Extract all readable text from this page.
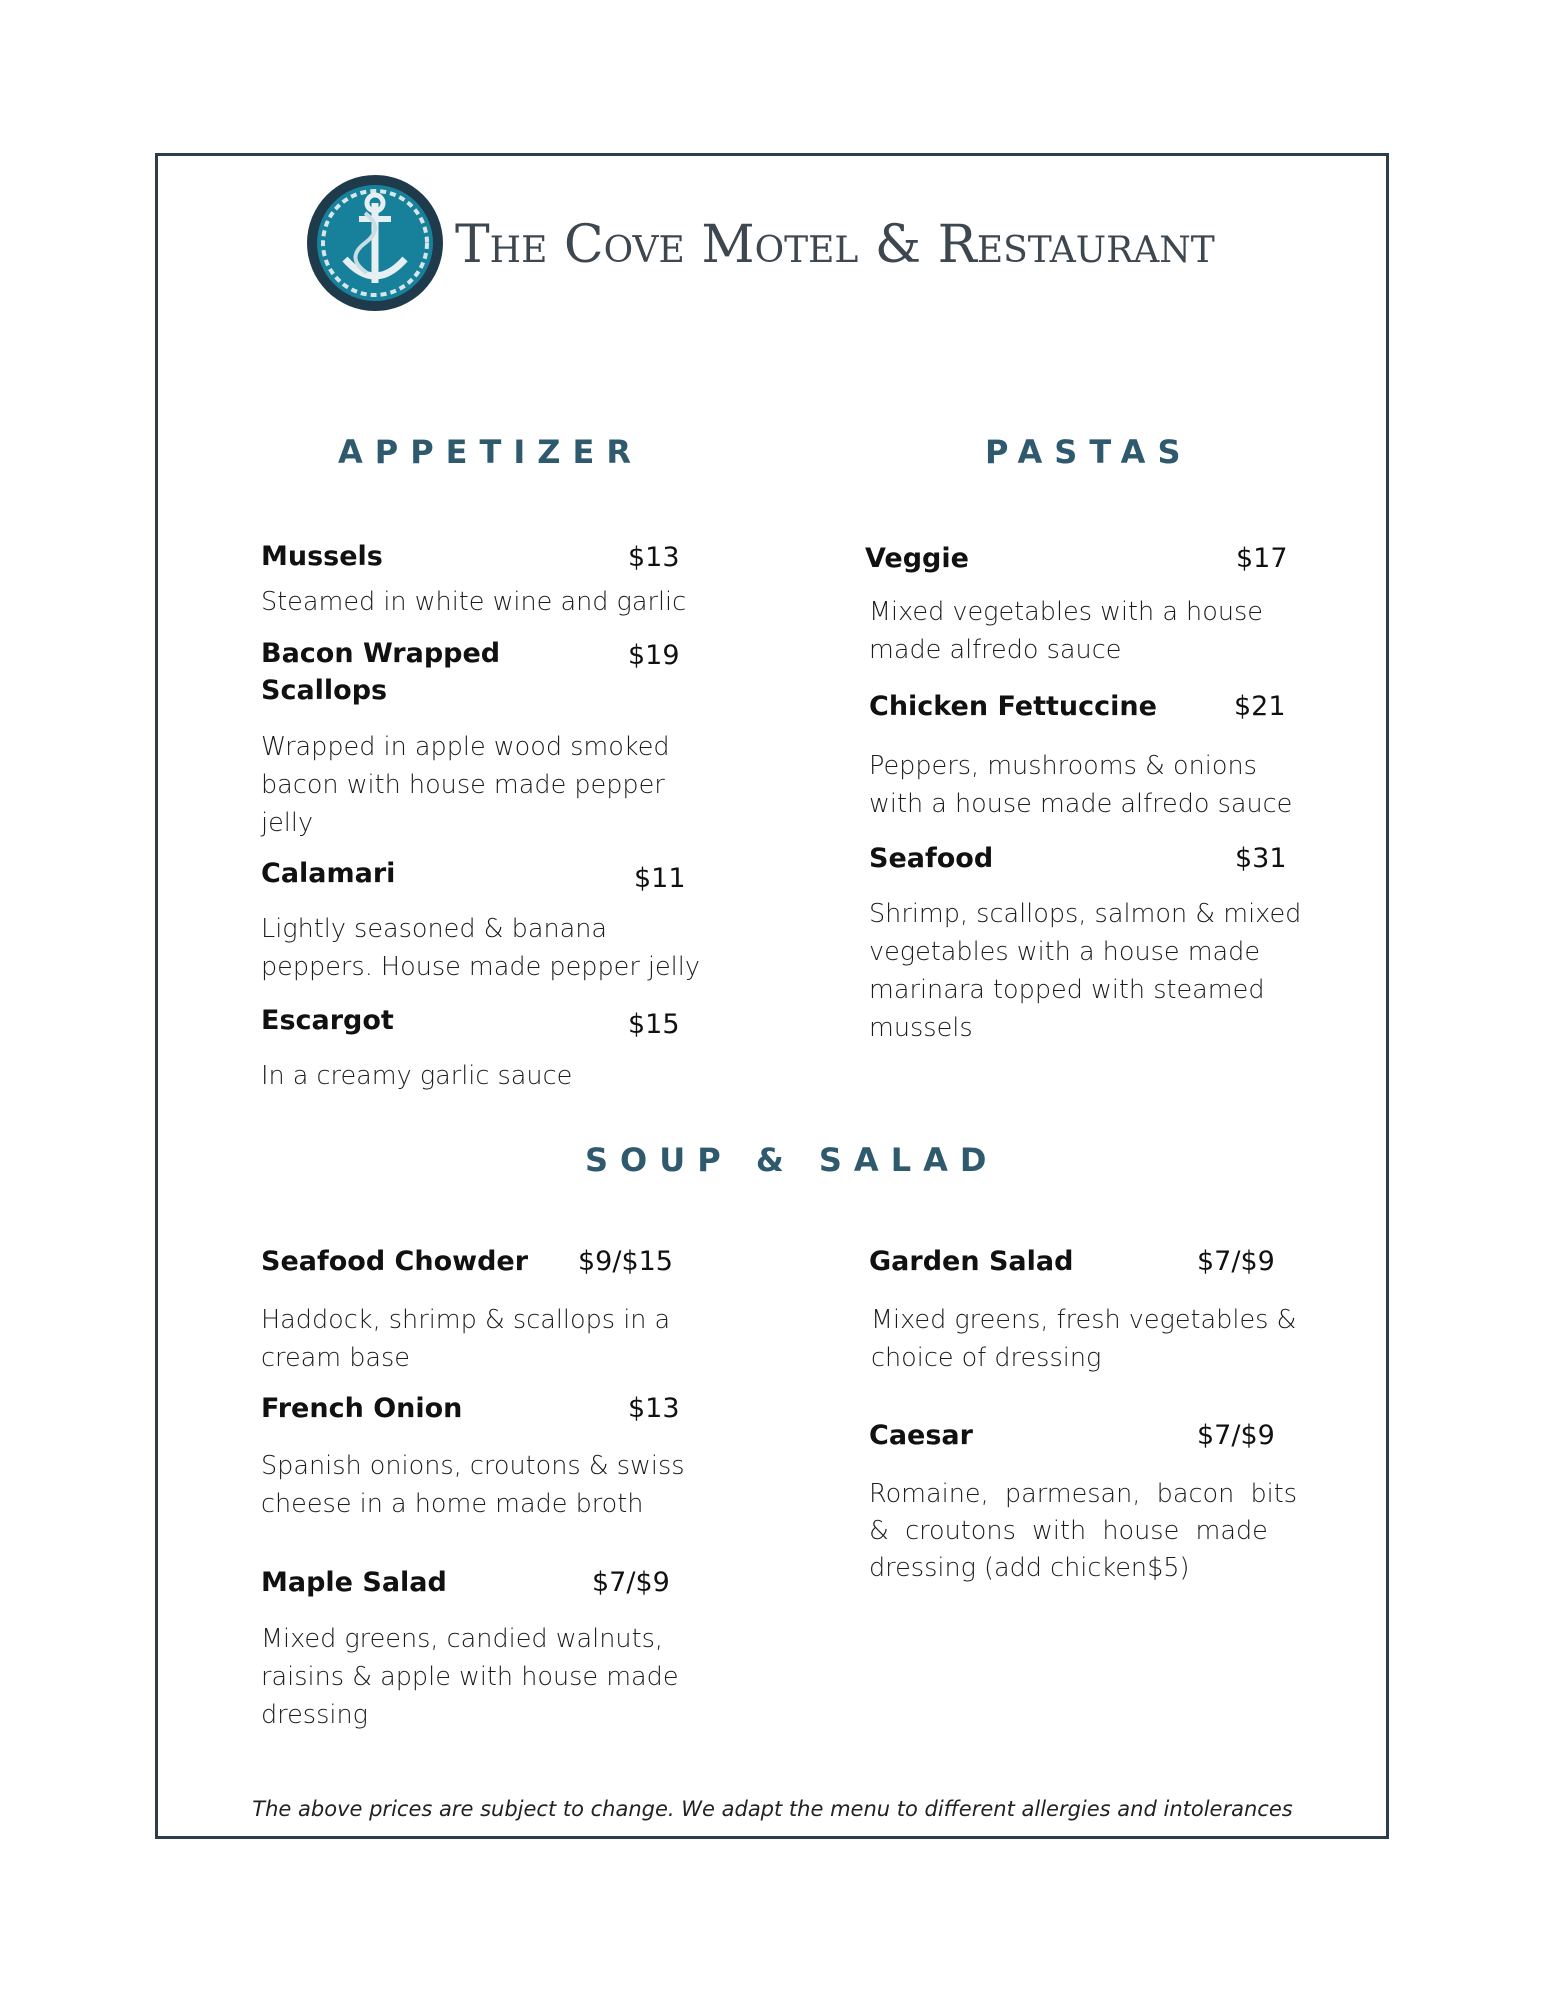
The Cove Motel & Restaurant
APPETIZER
Mussels	$13
Steamed in white wine and garlic
Bacon Wrapped
Scallops
$19
Wrapped in apple wood smoked
bacon with house made pepper
jelly
Calamari	$11
Lightly seasoned & banana
peppers. House made pepper jelly
Escargot	$15
In a creamy garlic sauce
PASTAS
Veggie	$17
Mixed vegetables with a house
made alfredo sauce
Chicken Fettuccine	$21
Peppers, mushrooms & onions
with a house made alfredo sauce
Seafood	$31
Shrimp, scallops, salmon & mixed
vegetables with a house made
marinara topped with steamed
mussels
SOUP & SALAD
Seafood Chowder $9/$15
Haddock, shrimp & scallops in a
cream base
French Onion	$13
Spanish onions, croutons & swiss
cheese in a home made broth
Maple Salad	$7/$9
Mixed greens, candied walnuts,
raisins & apple with house made
dressing
Garden Salad	$7/$9
Mixed greens, fresh vegetables &
choice of dressing
Caesar	$7/$9
Romaine,  parmesan,  bacon  bits
&  croutons  with  house  made
dressing (add chicken$5)
The above prices are subject to change. We adapt the menu to different allergies and intolerances
